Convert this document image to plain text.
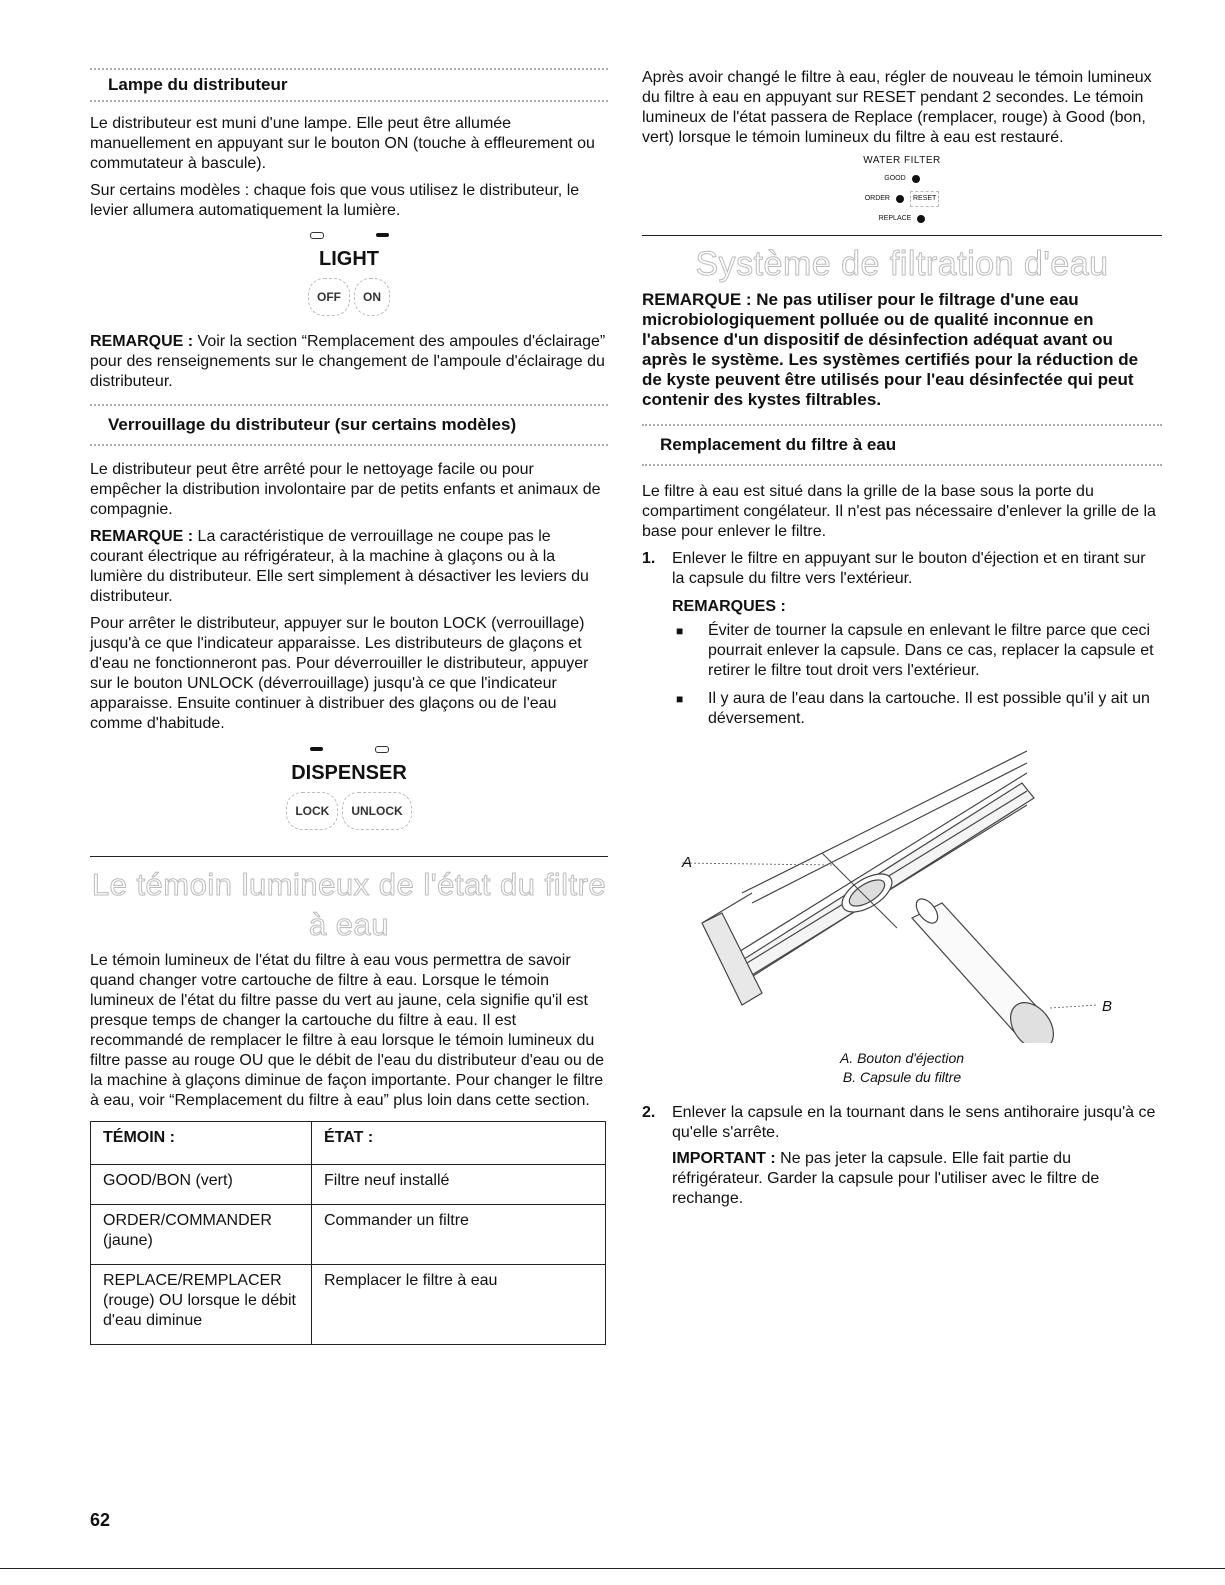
Lampe du distributeur

Le distributeur est muni d'une lampe. Elle peut être allumée manuellement en appuyant sur le bouton ON (touche à effleurement ou commutateur à bascule).

Sur certains modèles : chaque fois que vous utilisez le distributeur, le levier allumera automatiquement la lumière.

LIGHT
OFF	ON

REMARQUE : Voir la section “Remplacement des ampoules d'éclairage” pour des renseignements sur le changement de l'ampoule d'éclairage du distributeur.

Verrouillage du distributeur (sur certains modèles)

Le distributeur peut être arrêté pour le nettoyage facile ou pour empêcher la distribution involontaire par de petits enfants et animaux de compagnie.

REMARQUE : La caractéristique de verrouillage ne coupe pas le courant électrique au réfrigérateur, à la machine à glaçons ou à la lumière du distributeur. Elle sert simplement à désactiver les leviers du distributeur.

Pour arrêter le distributeur, appuyer sur le bouton LOCK (verrouillage) jusqu'à ce que l'indicateur apparaisse. Les distributeurs de glaçons et d'eau ne fonctionneront pas. Pour déverrouiller le distributeur, appuyer sur le bouton UNLOCK (déverrouillage) jusqu'à ce que l'indicateur apparaisse. Ensuite continuer à distribuer des glaçons ou de l'eau comme d'habitude.

DISPENSER
LOCK	UNLOCK
Le témoin lumineux de l'état du filtre à eau

Le témoin lumineux de l'état du filtre à eau vous permettra de savoir quand changer votre cartouche de filtre à eau. Lorsque le témoin lumineux de l'état du filtre passe du vert au jaune, cela signifie qu'il est presque temps de changer la cartouche du filtre à eau. Il est recommandé de remplacer le filtre à eau lorsque le témoin lumineux du filtre passe au rouge OU que le débit de l'eau du distributeur d'eau ou de la machine à glaçons diminue de façon importante. Pour changer le filtre à eau, voir “Remplacement du filtre à eau” plus loin dans cette section.

TÉMOIN :	ÉTAT :
GOOD/BON (vert)	Filtre neuf installé
ORDER/COMMANDER (jaune)	Commander un filtre
REPLACE/REMPLACER (rouge) OU lorsque le débit d'eau diminue	Remplacer le filtre à eau

Après avoir changé le filtre à eau, régler de nouveau le témoin lumineux du filtre à eau en appuyant sur RESET pendant 2 secondes. Le témoin lumineux de l'état passera de Replace (remplacer, rouge) à Good (bon, vert) lorsque le témoin lumineux du filtre à eau est restauré.

WATER FILTER
GOOD
ORDER	RESET
REPLACE
Système de filtration d'eau

REMARQUE : Ne pas utiliser pour le filtrage d'une eau microbiologiquement polluée ou de qualité inconnue en l'absence d'un dispositif de désinfection adéquat avant ou après le système. Les systèmes certifiés pour la réduction de de kyste peuvent être utilisés pour l'eau désinfectée qui peut contenir des kystes filtrables.

Remplacement du filtre à eau

Le filtre à eau est situé dans la grille de la base sous la porte du compartiment congélateur. Il n'est pas nécessaire d'enlever la grille de la base pour enlever le filtre.

1.	Enlever le filtre en appuyant sur le bouton d'éjection et en tirant sur la capsule du filtre vers l'extérieur.
REMARQUES :
■	Éviter de tourner la capsule en enlevant le filtre parce que ceci pourrait enlever la capsule. Dans ce cas, replacer la capsule et retirer le filtre tout droit vers l'extérieur.
■	Il y aura de l'eau dans la cartouche. Il est possible qu'il y ait un déversement.
A
B
A. Bouton d'éjection
B. Capsule du filtre
2.	Enlever la capsule en la tournant dans le sens antihoraire jusqu'à ce qu'elle s'arrête.
IMPORTANT : Ne pas jeter la capsule. Elle fait partie du réfrigérateur. Garder la capsule pour l'utiliser avec le filtre de rechange.
62
